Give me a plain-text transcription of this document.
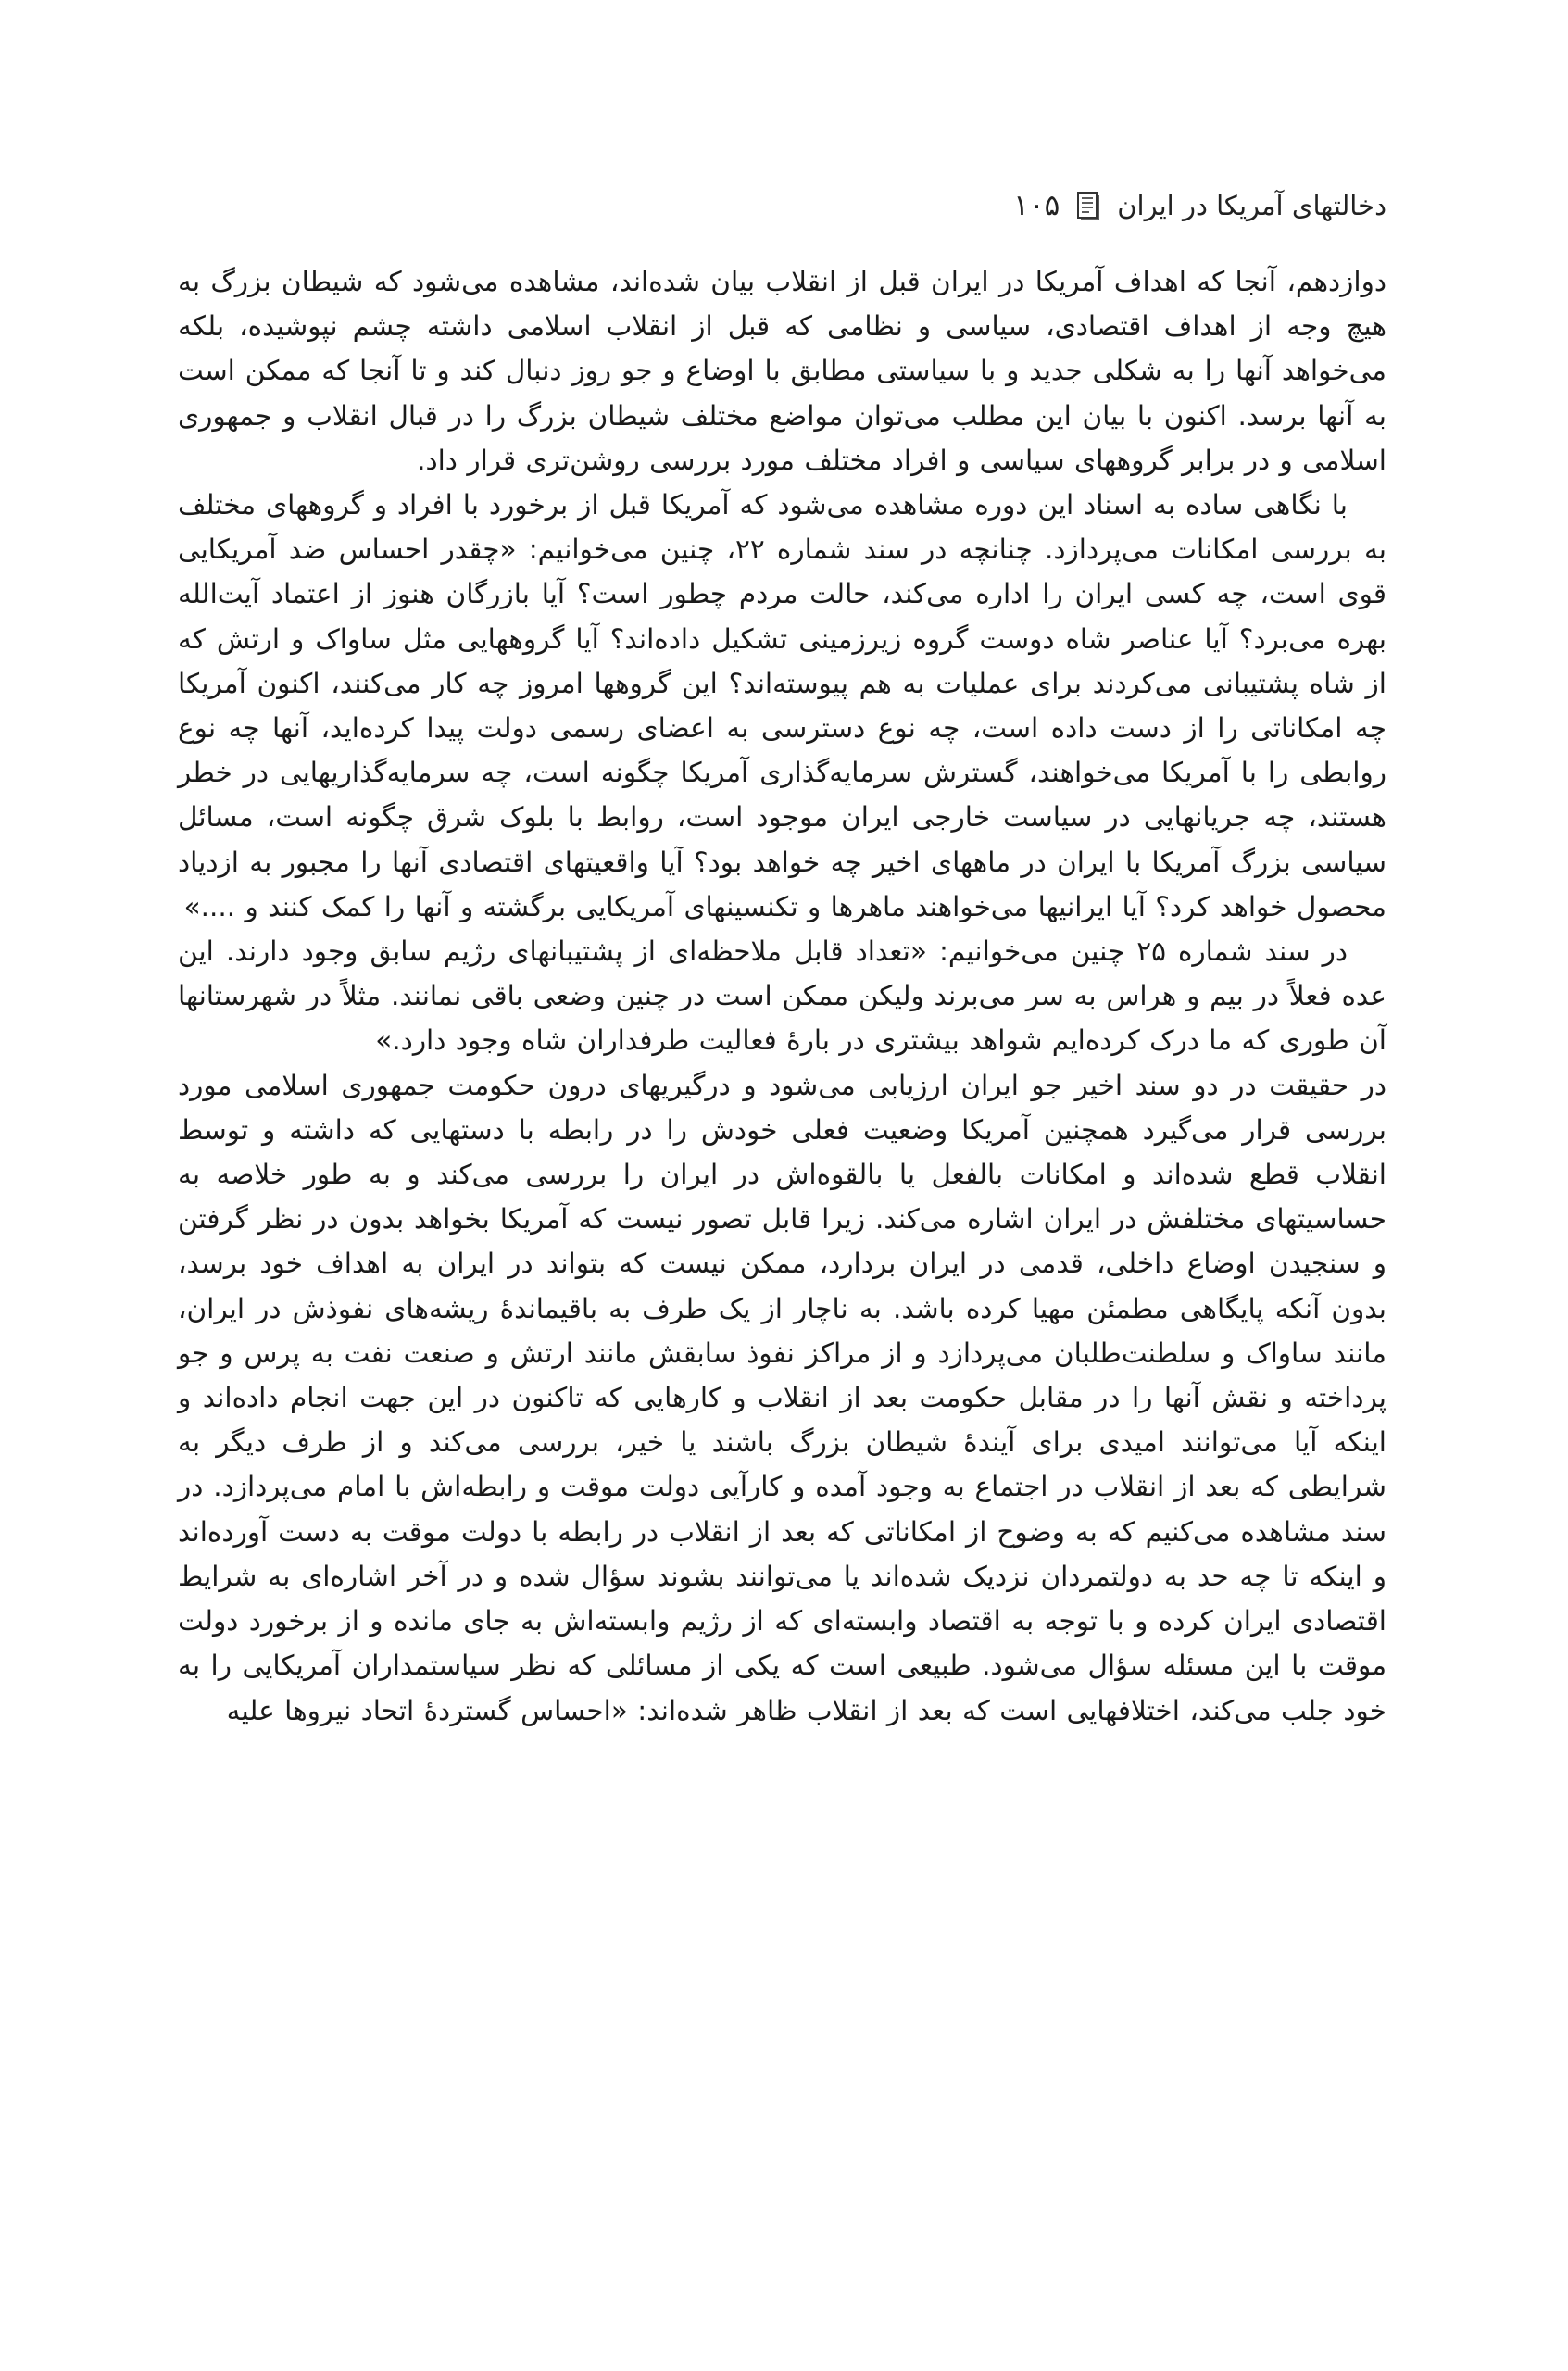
دخالتهای آمریکا در ایران
۱۰۵

دوازدهم، آنجا که اهداف آمریکا در ایران قبل از انقلاب بیان شده‌اند، مشاهده می‌شود که شیطان بزرگ به هیچ وجه از اهداف اقتصادی، سیاسی و نظامی که قبل از انقلاب اسلامی داشته چشم نپوشیده، بلکه می‌خواهد آنها را به شکلی جدید و با سیاستی مطابق با اوضاع و جو روز دنبال کند و تا آنجا که ممکن است به آنها برسد. اکنون با بیان این مطلب می‌توان مواضع مختلف شیطان بزرگ را در قبال انقلاب و جمهوری اسلامی و در برابر گروههای سیاسی و افراد مختلف مورد بررسی روشن‌تری قرار داد.

با نگاهی ساده به اسناد این دوره مشاهده می‌شود که آمریکا قبل از برخورد با افراد و گروههای مختلف به بررسی امکانات می‌پردازد. چنانچه در سند شماره ۲۲، چنین می‌خوانیم: «چقدر احساس ضد آمریکایی قوی است، چه کسی ایران را اداره می‌کند، حالت مردم چطور است؟ آیا بازرگان هنوز از اعتماد آیت‌الله بهره می‌برد؟ آیا عناصر شاه دوست گروه زیرزمینی تشکیل داده‌اند؟ آیا گروههایی مثل ساواک و ارتش که از شاه پشتیبانی می‌کردند برای عملیات به هم پیوسته‌اند؟ این گروهها امروز چه کار می‌کنند، اکنون آمریکا چه امکاناتی را از دست داده است، چه نوع دسترسی به اعضای رسمی دولت پیدا کرده‌اید، آنها چه نوع روابطی را با آمریکا می‌خواهند، گسترش سرمایه‌گذاری آمریکا چگونه است، چه سرمایه‌گذاریهایی در خطر هستند، چه جریانهایی در سیاست خارجی ایران موجود است، روابط با بلوک شرق چگونه است، مسائل سیاسی بزرگ آمریکا با ایران در ماههای اخیر چه خواهد بود؟ آیا واقعیتهای اقتصادی آنها را مجبور به ازدیاد محصول خواهد کرد؟ آیا ایرانیها می‌خواهند ماهرها و تکنسینهای آمریکایی برگشته و آنها را کمک کنند و ....»

در سند شماره ۲۵ چنین می‌خوانیم: «تعداد قابل ملاحظه‌ای از پشتیبانهای رژیم سابق وجود دارند. این عده فعلاً در بیم و هراس به سر می‌برند ولیکن ممکن است در چنین وضعی باقی نمانند. مثلاً در شهرستانها آن طوری که ما درک کرده‌ایم شواهد بیشتری در بارهٔ فعالیت طرفداران شاه وجود دارد.»

در حقیقت در دو سند اخیر جو ایران ارزیابی می‌شود و درگیریهای درون حکومت جمهوری اسلامی مورد بررسی قرار می‌گیرد همچنین آمریکا وضعیت فعلی خودش را در رابطه با دستهایی که داشته و توسط انقلاب قطع شده‌اند و امکانات بالفعل یا بالقوه‌اش در ایران را بررسی می‌کند و به طور خلاصه به حساسیتهای مختلفش در ایران اشاره می‌کند. زیرا قابل تصور نیست که آمریکا بخواهد بدون در نظر گرفتن و سنجیدن اوضاع داخلی، قدمی در ایران بردارد، ممکن نیست که بتواند در ایران به اهداف خود برسد، بدون آنکه پایگاهی مطمئن مهیا کرده باشد. به ناچار از یک طرف به باقیماندهٔ ریشه‌های نفوذش در ایران، مانند ساواک و سلطنت‌طلبان می‌پردازد و از مراکز نفوذ سابقش مانند ارتش و صنعت نفت به پرس و جو پرداخته و نقش آنها را در مقابل حکومت بعد از انقلاب و کارهایی که تاکنون در این جهت انجام داده‌اند و اینکه آیا می‌توانند امیدی برای آیندهٔ شیطان بزرگ باشند یا خیر، بررسی می‌کند و از طرف دیگر به شرایطی که بعد از انقلاب در اجتماع به وجود آمده و کارآیی دولت موقت و رابطه‌اش با امام می‌پردازد. در سند مشاهده می‌کنیم که به وضوح از امکاناتی که بعد از انقلاب در رابطه با دولت موقت به دست آورده‌اند و اینکه تا چه حد به دولتمردان نزدیک شده‌اند یا می‌توانند بشوند سؤال شده و در آخر اشاره‌ای به شرایط اقتصادی ایران کرده و با توجه به اقتصاد وابسته‌ای که از رژیم وابسته‌اش به جای مانده و از برخورد دولت موقت با این مسئله سؤال می‌شود. طبیعی است که یکی از مسائلی که نظر سیاستمداران آمریکایی را به خود جلب می‌کند، اختلافهایی است که بعد از انقلاب ظاهر شده‌اند: «احساس گستردهٔ اتحاد نیروها علیه
